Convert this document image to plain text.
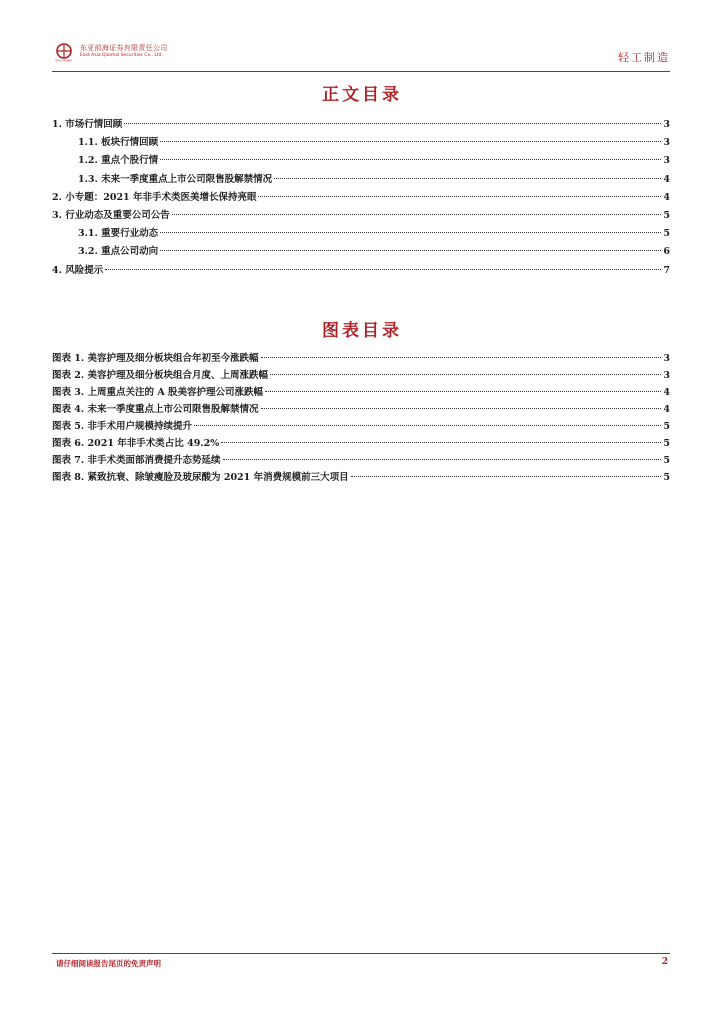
EAST MONEY
东亚前海证券有限责任公司
East Asia Qianhai Securities Co., Ltd.	轻工制造
正文目录
1. 市场行情回顾	3
1.1. 板块行情回顾	3
1.2. 重点个股行情	3
1.3. 未来一季度重点上市公司限售股解禁情况	4
2. 小专题：2021 年非手术类医美增长保持亮眼	4
3. 行业动态及重要公司公告	5
3.1. 重要行业动态	5
3.2. 重点公司动向	6
4. 风险提示	7
图表目录
图表 1. 美容护理及细分板块组合年初至今涨跌幅	3
图表 2. 美容护理及细分板块组合月度、上周涨跌幅	3
图表 3. 上周重点关注的 A 股美容护理公司涨跌幅	4
图表 4. 未来一季度重点上市公司限售股解禁情况	4
图表 5. 非手术用户规模持续提升	5
图表 6. 2021 年非手术类占比 49.2%	5
图表 7. 非手术类面部消费提升态势延续	5
图表 8. 紧致抗衰、除皱瘦脸及玻尿酸为 2021 年消费规模前三大项目	5
请仔细阅读报告尾页的免责声明	2
